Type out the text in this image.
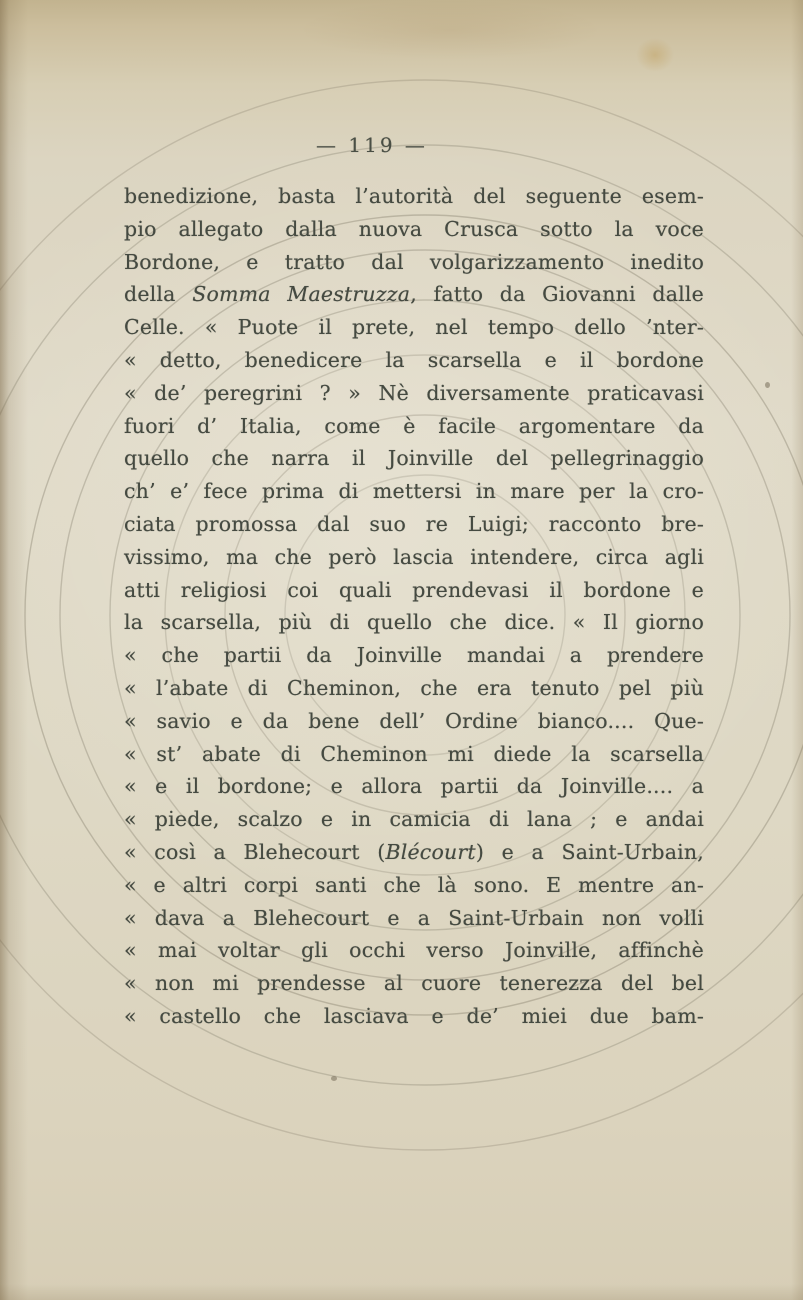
— 119 —
benedizione, basta l’autorità del seguente esem-
pio allegato dalla nuova Crusca sotto la voce
Bordone, e tratto dal volgarizzamento inedito
della Somma Maestruzza, fatto da Giovanni dalle
Celle. « Puote il prete, nel tempo dello ’nter-
« detto, benedicere la scarsella e il bordone
« de’ peregrini ? » Nè diversamente praticavasi
fuori d’ Italia, come è facile argomentare da
quello che narra il Joinville del pellegrinaggio
ch’ e’ fece prima di mettersi in mare per la cro-
ciata promossa dal suo re Luigi; racconto bre-
vissimo, ma che però lascia intendere, circa agli
atti religiosi coi quali prendevasi il bordone e
la scarsella, più di quello che dice. « Il giorno
« che partii da Joinville mandai a prendere
« l’abate di Cheminon, che era tenuto pel più
« savio e da bene dell’ Ordine bianco.... Que-
« st’ abate di Cheminon mi diede la scarsella
« e il bordone; e allora partii da Joinville.... a
« piede, scalzo e in camicia di lana ; e andai
« così a Blehecourt (Blécourt) e a Saint-Urbain,
« e altri corpi santi che là sono. E mentre an-
« dava a Blehecourt e a Saint-Urbain non volli
« mai voltar gli occhi verso Joinville, affinchè
« non mi prendesse al cuore tenerezza del bel
« castello che lasciava e de’ miei due bam-
